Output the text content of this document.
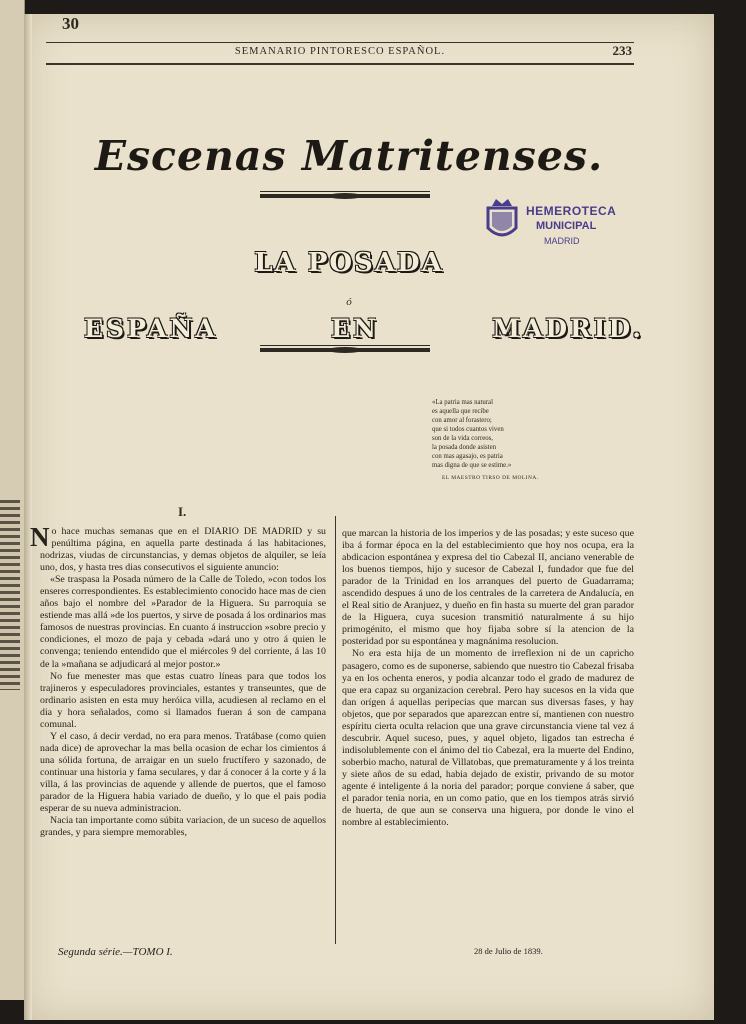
30
SEMANARIO PINTORESCO ESPAÑOL.	233
Escenas Matritenses.
HEMEROTECA
MUNICIPAL
MADRID
LA POSADA
ó
ESPAÑA EN MADRID.
«La patria mas natural
es aquella que recibe
con amor al forastero;
que si todos cuantos viven
son de la vida correos,
la posada donde asisten
con mas agasajo, es patria
mas digna de que se estime.»
EL MAESTRO TIRSO DE MOLINA.
I.

No hace muchas semanas que en el DIARIO DE MADRID y su penúltima página, en aquella parte destinada á las habitaciones, nodrizas, viudas de circunstancias, y demas objetos de alquiler, se leía uno, dos, y hasta tres dias consecutivos el siguiente anuncio:

«Se traspasa la Posada número de la Calle de Toledo, »con todos los enseres correspondientes. Es establecimiento conocido hace mas de cien años bajo el nombre del »Parador de la Higuera. Su parroquia se estiende mas allá »de los puertos, y sirve de posada á los ordinarios mas famosos de nuestras provincias. En cuanto á instruccion »sobre precio y condiciones, el mozo de paja y cebada »dará uno y otro á quien le convenga; teniendo entendido que el miércoles 9 del corriente, á las 10 de la »mañana se adjudicará al mejor postor.»

No fue menester mas que estas cuatro líneas para que todos los trajineros y especuladores provinciales, estantes y transeuntes, que de ordinario asisten en esta muy heróica villa, acudiesen al reclamo en el dia y hora señalados, como si llamados fueran á son de campana comunal.

Y el caso, á decir verdad, no era para menos. Tratábase (como quien nada dice) de aprovechar la mas bella ocasion de echar los cimientos á una sólida fortuna, de arraigar en un suelo fructífero y sazonado, de continuar una historia y fama seculares, y dar á conocer á la corte y á la villa, á las provincias de aquende y allende de puertos, que el famoso parador de la Higuera habia variado de dueño, y lo que el pais podia esperar de su nueva administracion.

Nacia tan importante como súbita variacion, de un suceso de aquellos grandes, y para siempre memorables,

que marcan la historia de los imperios y de las posadas; y este suceso que iba á formar época en la del establecimiento que hoy nos ocupa, era la abdicacion espontánea y expresa del tio Cabezal II, anciano venerable de los buenos tiempos, hijo y sucesor de Cabezal I, fundador que fue del parador de la Trinidad en los arranques del puerto de Guadarrama; ascendido despues á uno de los centrales de la carretera de Andalucía, en el Real sitio de Aranjuez, y dueño en fin hasta su muerte del gran parador de la Higuera, cuya sucesion transmitió naturalmente á su hijo primogénito, el mismo que hoy fijaba sobre sí la atencion de la posteridad por su espontánea y magnánima resolucion.

No era esta hija de un momento de irreflexion ni de un capricho pasagero, como es de suponerse, sabiendo que nuestro tio Cabezal frisaba ya en los ochenta eneros, y podia alcanzar todo el grado de madurez de que era capaz su organizacion cerebral. Pero hay sucesos en la vida que dan orígen á aquellas peripecias que marcan sus diversas fases, y hay objetos, que por separados que aparezcan entre sí, mantienen con nuestro espíritu cierta oculta relacion que una grave circunstancia viene tal vez á descubrir. Aquel suceso, pues, y aquel objeto, ligados tan estrecha é indisolublemente con el ánimo del tio Cabezal, era la muerte del Endino, soberbio macho, natural de Villatobas, que prematuramente y á los treinta y siete años de su edad, habia dejado de existir, privando de su motor agente é inteligente á la noria del parador; porque conviene á saber, que el parador tenia noria, en un como patio, que en los tiempos atrás sirvió de huerta, de que aun se conserva una higuera, por donde le vino el nombre al establecimiento.

Segunda série.—TOMO I.	28 de Julio de 1839.
